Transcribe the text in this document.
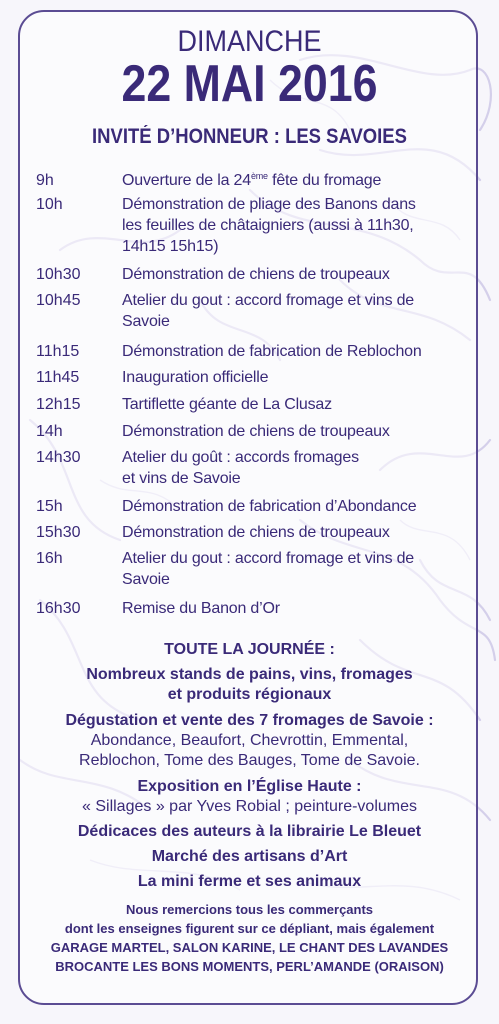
DIMANCHE
22 MAI 2016
INVITÉ D’HONNEUR : LES SAVOIES
9h	Ouverture de la 24ème fête du fromage
10h	Démonstration de pliage des Banons dans
les feuilles de châtaigniers (aussi à 11h30,
14h15 15h15)
10h30	Démonstration de chiens de troupeaux
10h45	Atelier du gout : accord fromage et vins de
Savoie
11h15	Démonstration de fabrication de Reblochon
11h45	Inauguration officielle
12h15	Tartiflette géante de La Clusaz
14h	Démonstration de chiens de troupeaux
14h30	Atelier du goût : accords fromages
et vins de Savoie
15h	Démonstration de fabrication d’Abondance
15h30	Démonstration de chiens de troupeaux
16h	Atelier du gout : accord fromage et vins de
Savoie
16h30	Remise du Banon d’Or
TOUTE LA JOURNÉE :
Nombreux stands de pains, vins, fromages
et produits régionaux
Dégustation et vente des 7 fromages de Savoie :
Abondance, Beaufort, Chevrottin, Emmental,
Reblochon, Tome des Bauges, Tome de Savoie.
Exposition en l’Église Haute :
« Sillages » par Yves Robial ; peinture-volumes
Dédicaces des auteurs à la librairie Le Bleuet
Marché des artisans d’Art
La mini ferme et ses animaux
Nous remercions tous les commerçants
dont les enseignes figurent sur ce dépliant, mais également
GARAGE MARTEL, SALON KARINE, LE CHANT DES LAVANDES
BROCANTE LES BONS MOMENTS, PERL’AMANDE (ORAISON)
